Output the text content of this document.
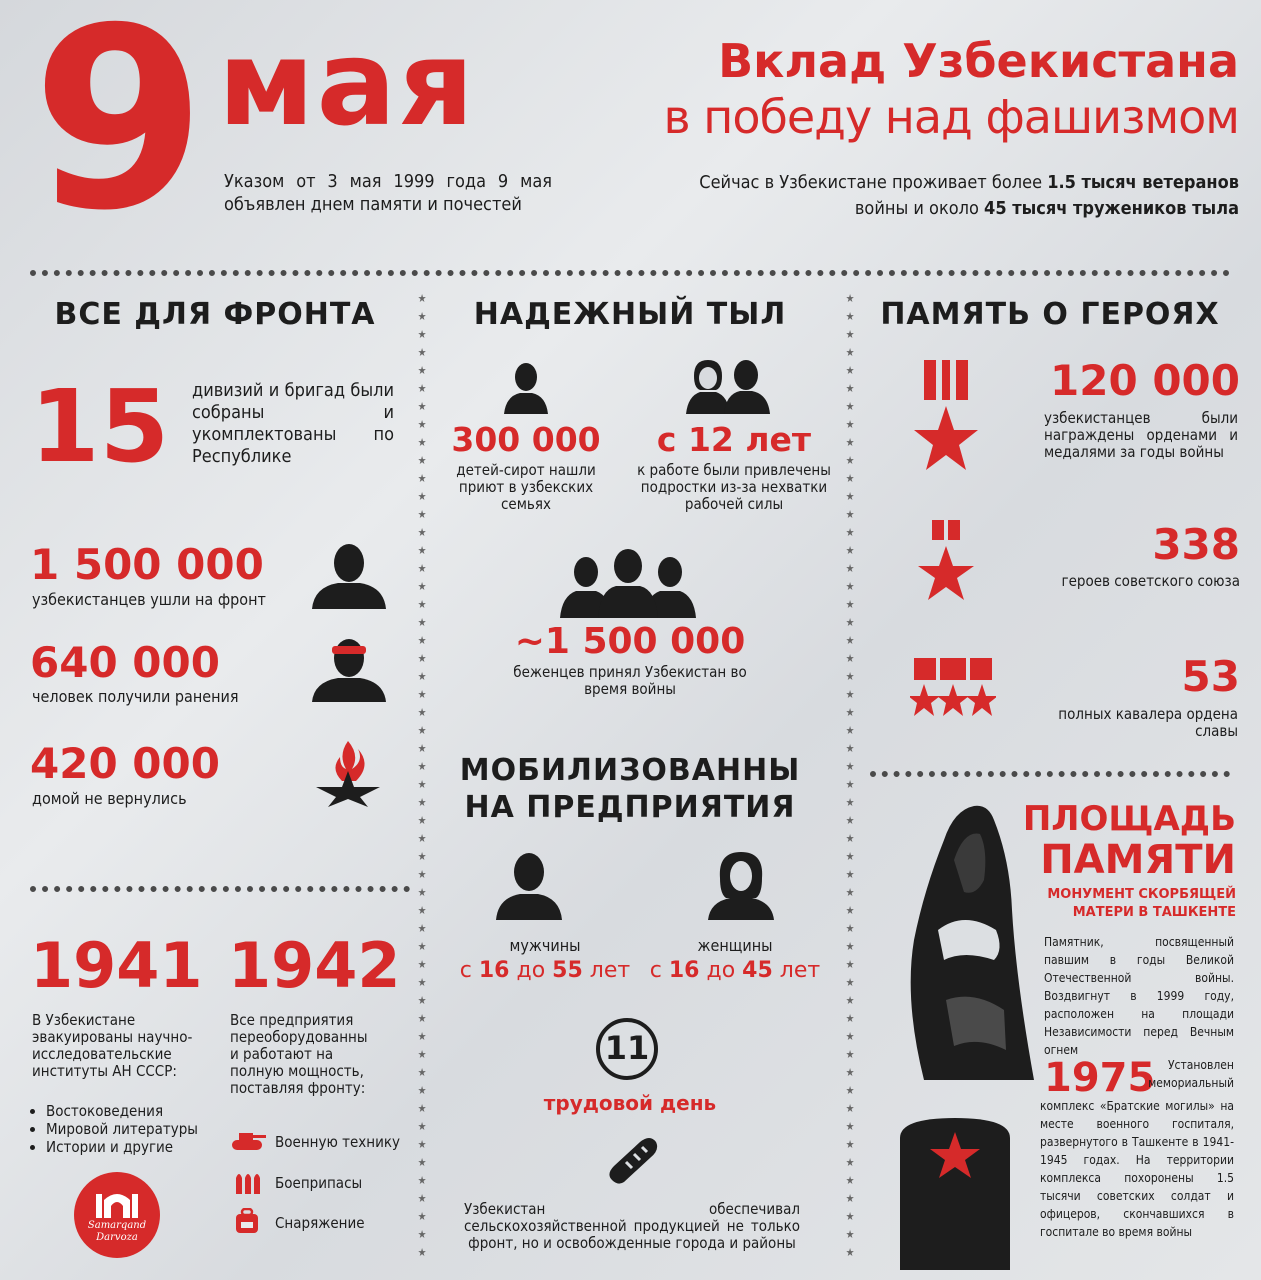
9 мая
Указом от 3 мая 1999 года 9 мая объявлен днем памяти и почестей
Вклад Узбекистана
в победу над фашизмом
Сейчас в Узбекистане проживает более 1.5 тысяч ветеранов
войны и около 45 тысяч тружеников тыла
★ ★ ★ ★ ★ ★ ★ ★ ★ ★ ★ ★ ★ ★ ★ ★ ★ ★ ★ ★ ★ ★ ★ ★ ★ ★ ★ ★ ★ ★ ★ ★ ★ ★ ★ ★ ★ ★ ★ ★ ★ ★ ★ ★ ★ ★ ★ ★ ★ ★ ★ ★ ★ ★
★ ★ ★ ★ ★ ★ ★ ★ ★ ★ ★ ★ ★ ★ ★ ★ ★ ★ ★ ★ ★ ★ ★ ★ ★ ★ ★ ★ ★ ★ ★ ★ ★ ★ ★ ★ ★ ★ ★ ★ ★ ★ ★ ★ ★ ★ ★ ★ ★ ★ ★ ★ ★ ★
ВСЕ ДЛЯ ФРОНТА
15 дивизий и бригад были собраны и укомплектованы по Республике
1 500 000
узбекистанцев ушли на фронт
640 000
человек получили ранения
420 000
домой не вернулись
1941
В Узбекистане эвакуированы научно-исследовательские институты АН СССР:
• Востоковедения
• Мировой литературы
• Истории и другие
1942
Все предприятия переоборудованны и работают на полную мощность, поставляя фронту:
Военную технику
Боеприпасы
Снаряжение
Samarqand
Darvoza
НАДЕЖНЫЙ ТЫЛ
300 000
детей-сирот нашли приют в узбекских семьях
с 12 лет
к работе были привлечены подростки из-за нехватки рабочей силы
~1 500 000
беженцев принял Узбекистан во время войны
МОБИЛИЗОВАННЫ
НА ПРЕДПРИЯТИЯ
мужчины
с 16 до 55 лет
женщины
с 16 до 45 лет
11
трудовой день
Узбекистан обеспечивал сельскохозяйственной продукцией не только фронт, но и освобожденные города и районы
ПАМЯТЬ О ГЕРОЯХ
120 000
узбекистанцев были награждены орденами и медалями за годы войны
338
героев советского союза
53
полных кавалера ордена славы
ПЛОЩАДЬ
ПАМЯТИ
МОНУМЕНТ СКОРБЯЩЕЙ
МАТЕРИ В ТАШКЕНТЕ
Памятник, посвященный павшим в годы Великой Отечественной войны. Воздвигнут в 1999 году, расположен на площади Независимости перед Вечным огнем
1975	Установлен мемориальный
комплекс «Братские могилы» на месте военного госпиталя, развернутого в Ташкенте в 1941-1945 годах. На территории комплекса похоронены 1.5 тысячи советских солдат и офицеров, скончавшихся в госпитале во время войны
